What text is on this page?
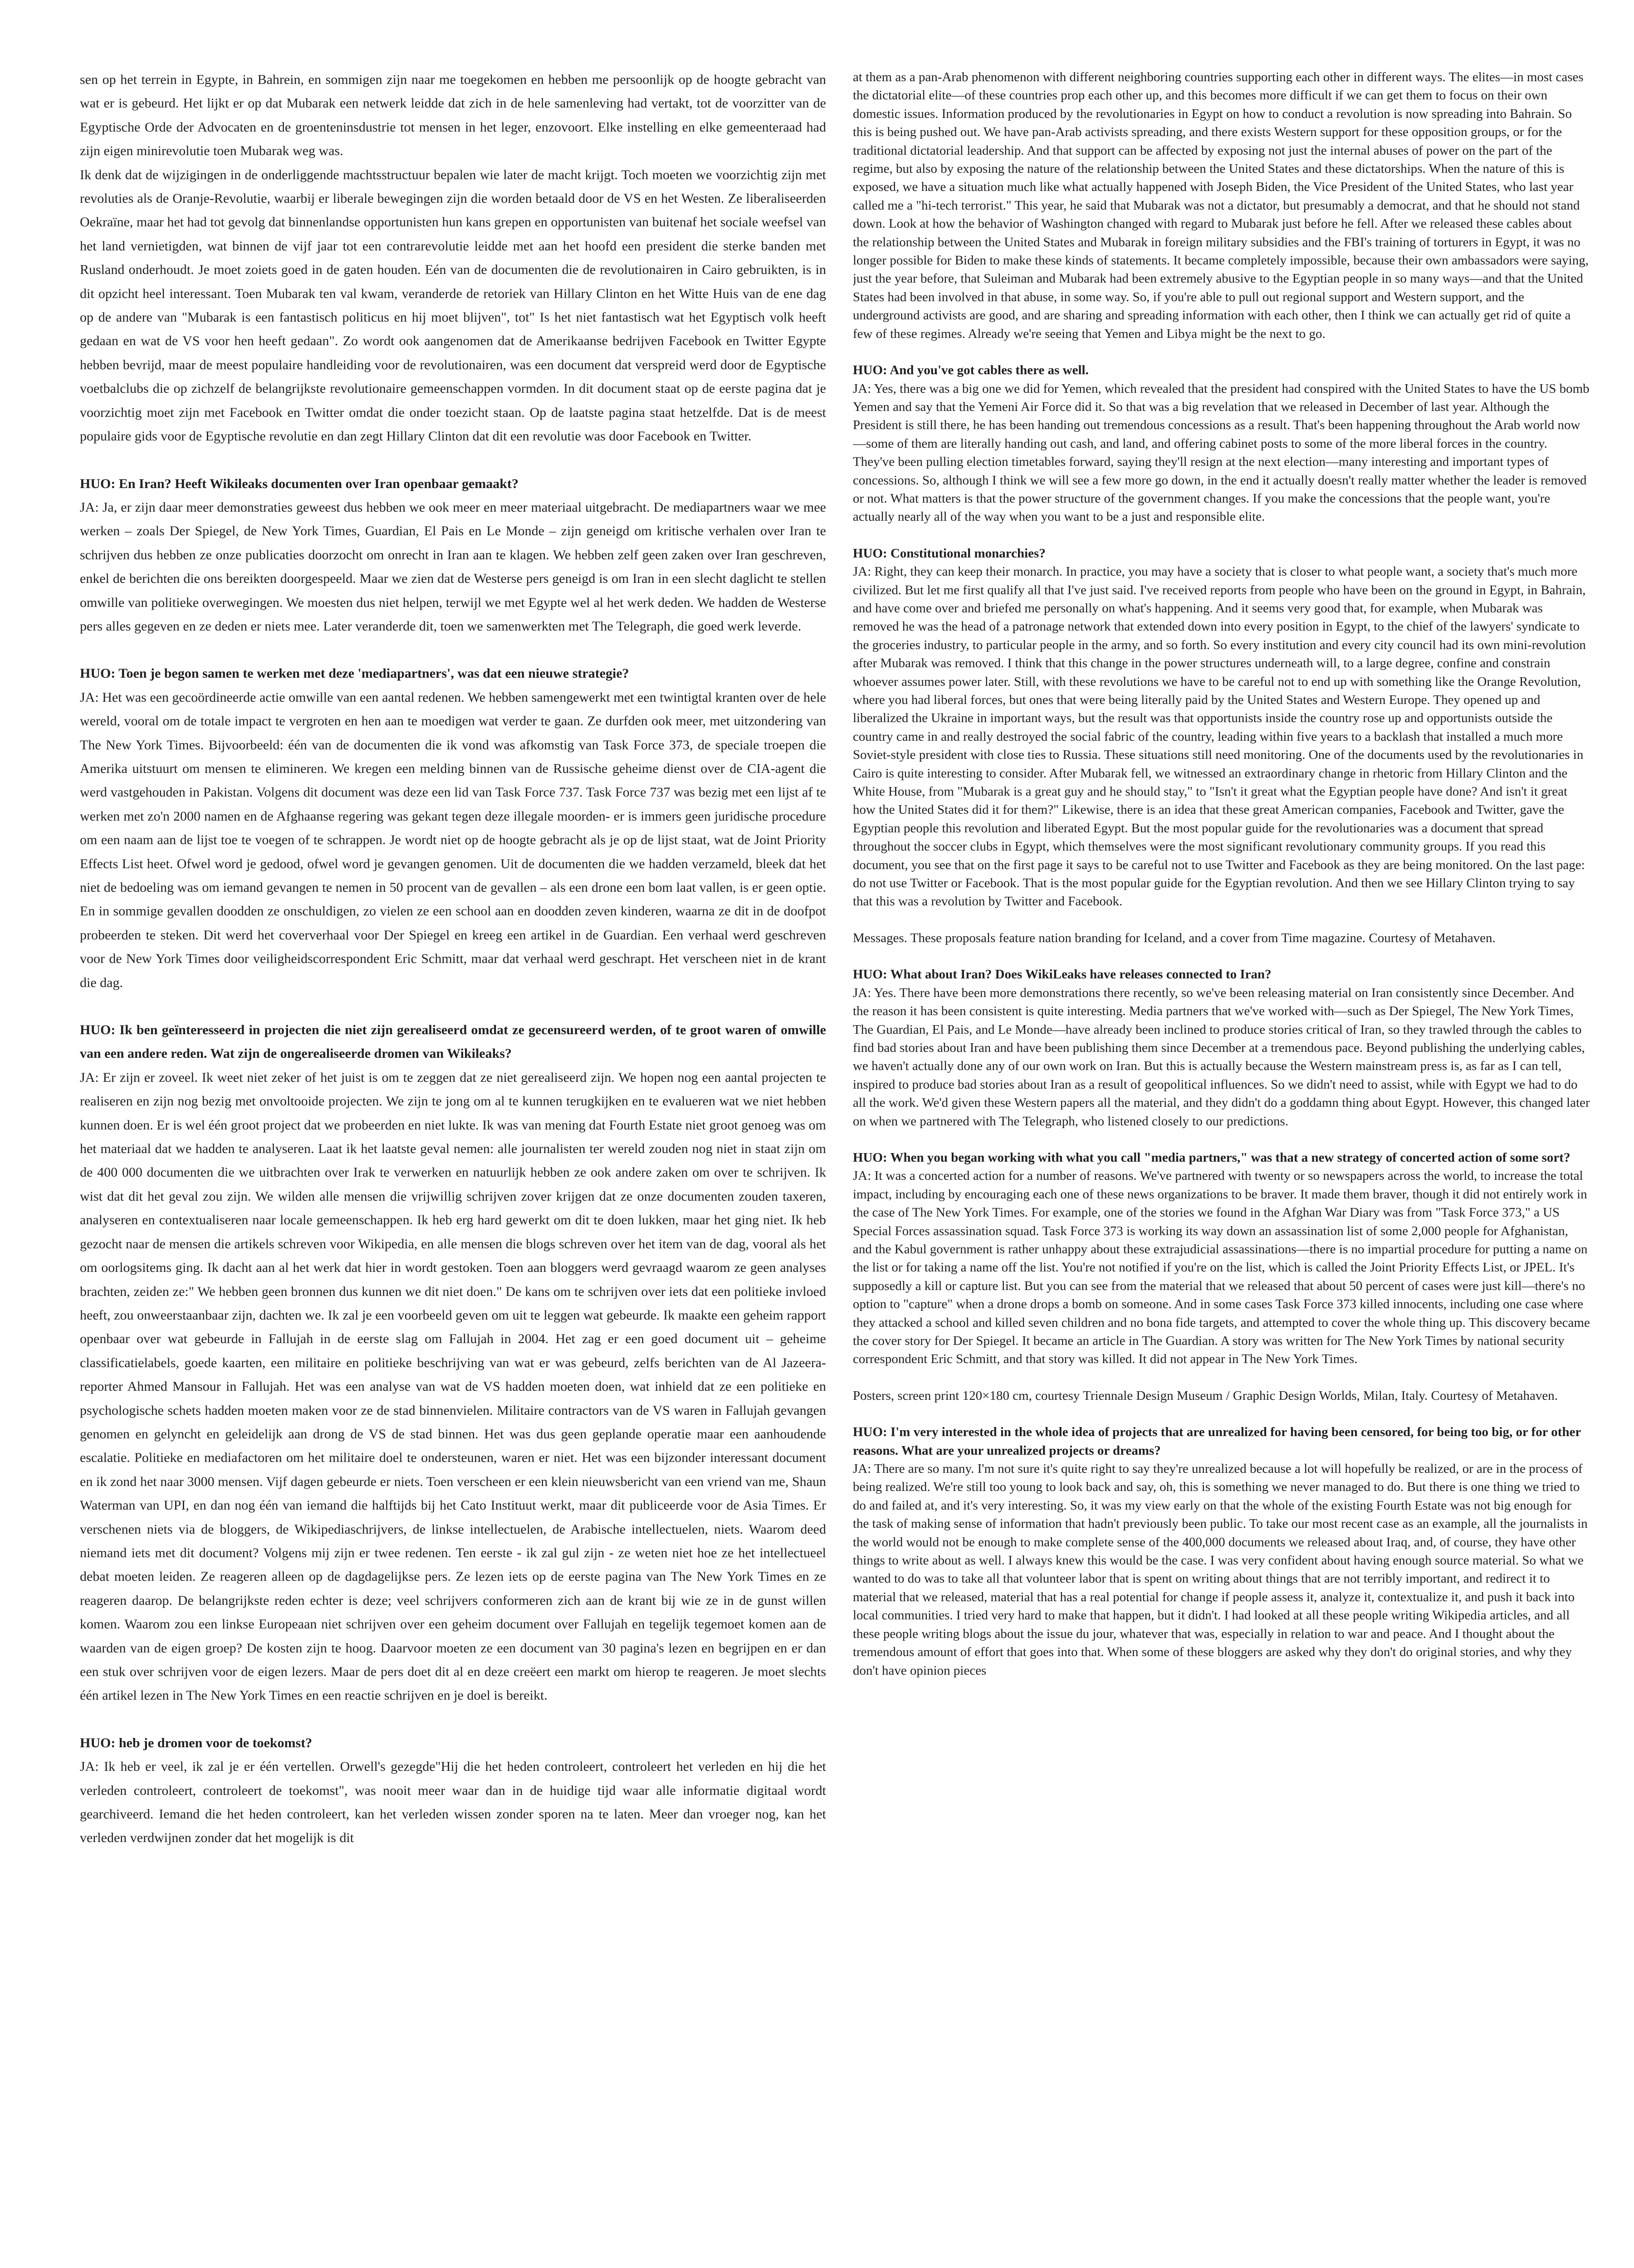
sen op het terrein in Egypte, in Bahrein, en sommigen zijn naar me toegekomen en hebben me persoonlijk op de hoogte gebracht van wat er is gebeurd. Het lijkt er op dat Mubarak een netwerk leidde dat zich in de hele samenleving had vertakt, tot de voorzitter van de Egyptische Orde der Advocaten en de groenteninsdustrie tot mensen in het leger, enzovoort. Elke instelling en elke gemeenteraad had zijn eigen minirevolutie toen Mubarak weg was.

Ik denk dat de wijzigingen in de onderliggende machtsstructuur bepalen wie later de macht krijgt. Toch moeten we voorzichtig zijn met revoluties als de Oranje-Revolutie, waarbij er liberale bewegingen zijn die worden betaald door de VS en het Westen. Ze liberaliseerden Oekraïne, maar het had tot gevolg dat binnenlandse opportunisten hun kans grepen en opportunisten van buitenaf het sociale weefsel van het land vernietigden, wat binnen de vijf jaar tot een contrarevolutie leidde met aan het hoofd een president die sterke banden met Rusland onderhoudt. Je moet zoiets goed in de gaten houden. Eén van de documenten die de revolutionairen in Cairo gebruikten, is in dit opzicht heel interessant. Toen Mubarak ten val kwam, veranderde de retoriek van Hillary Clinton en het Witte Huis van de ene dag op de andere van "Mubarak is een fantastisch politicus en hij moet blijven", tot" Is het niet fantastisch wat het Egyptisch volk heeft gedaan en wat de VS voor hen heeft gedaan". Zo wordt ook aangenomen dat de Amerikaanse bedrijven Facebook en Twitter Egypte hebben bevrijd, maar de meest populaire handleiding voor de revolutionairen, was een document dat verspreid werd door de Egyptische voetbalclubs die op zichzelf de belangrijkste revolutionaire gemeenschappen vormden. In dit document staat op de eerste pagina dat je voorzichtig moet zijn met Facebook en Twitter omdat die onder toezicht staan. Op de laatste pagina staat hetzelfde. Dat is de meest populaire gids voor de Egyptische revolutie en dan zegt Hillary Clinton dat dit een revolutie was door Facebook en Twitter.

HUO: En Iran? Heeft Wikileaks documenten over Iran openbaar gemaakt?

JA: Ja, er zijn daar meer demonstraties geweest dus hebben we ook meer en meer materiaal uitgebracht. De mediapartners waar we mee werken – zoals Der Spiegel, de New York Times, Guardian, El Pais en Le Monde – zijn geneigd om kritische verhalen over Iran te schrijven dus hebben ze onze publicaties doorzocht om onrecht in Iran aan te klagen. We hebben zelf geen zaken over Iran geschreven, enkel de berichten die ons bereikten doorgespeeld. Maar we zien dat de Westerse pers geneigd is om Iran in een slecht daglicht te stellen omwille van politieke overwegingen. We moesten dus niet helpen, terwijl we met Egypte wel al het werk deden. We hadden de Westerse pers alles gegeven en ze deden er niets mee. Later veranderde dit, toen we samenwerkten met The Telegraph, die goed werk leverde.

HUO: Toen je begon samen te werken met deze 'mediapartners', was dat een nieuwe strategie?

JA: Het was een gecoördineerde actie omwille van een aantal redenen. We hebben samengewerkt met een twintigtal kranten over de hele wereld, vooral om de totale impact te vergroten en hen aan te moedigen wat verder te gaan. Ze durfden ook meer, met uitzondering van The New York Times. Bijvoorbeeld: één van de documenten die ik vond was afkomstig van Task Force 373, de speciale troepen die Amerika uitstuurt om mensen te elimineren. We kregen een melding binnen van de Russische geheime dienst over de CIA-agent die werd vastgehouden in Pakistan. Volgens dit document was deze een lid van Task Force 737. Task Force 737 was bezig met een lijst af te werken met zo'n 2000 namen en de Afghaanse regering was gekant tegen deze illegale moorden- er is immers geen juridische procedure om een naam aan de lijst toe te voegen of te schrappen. Je wordt niet op de hoogte gebracht als je op de lijst staat, wat de Joint Priority Effects List heet. Ofwel word je gedood, ofwel word je gevangen genomen. Uit de documenten die we hadden verzameld, bleek dat het niet de bedoeling was om iemand gevangen te nemen in 50 procent van de gevallen – als een drone een bom laat vallen, is er geen optie. En in sommige gevallen doodden ze onschuldigen, zo vielen ze een school aan en doodden zeven kinderen, waarna ze dit in de doofpot probeerden te steken. Dit werd het coververhaal voor Der Spiegel en kreeg een artikel in de Guardian. Een verhaal werd geschreven voor de New York Times door veiligheidscorrespondent Eric Schmitt, maar dat verhaal werd geschrapt. Het verscheen niet in de krant die dag.

HUO: Ik ben geïnteresseerd in projecten die niet zijn gerealiseerd omdat ze gecensureerd werden, of te groot waren of omwille van een andere reden. Wat zijn de ongerealiseerde dromen van Wikileaks?

JA: Er zijn er zoveel. Ik weet niet zeker of het juist is om te zeggen dat ze niet gerealiseerd zijn. We hopen nog een aantal projecten te realiseren en zijn nog bezig met onvoltooide projecten. We zijn te jong om al te kunnen terugkijken en te evalueren wat we niet hebben kunnen doen. Er is wel één groot project dat we probeerden en niet lukte. Ik was van mening dat Fourth Estate niet groot genoeg was om het materiaal dat we hadden te analyseren. Laat ik het laatste geval nemen: alle journalisten ter wereld zouden nog niet in staat zijn om de 400 000 documenten die we uitbrachten over Irak te verwerken en natuurlijk hebben ze ook andere zaken om over te schrijven. Ik wist dat dit het geval zou zijn. We wilden alle mensen die vrijwillig schrijven zover krijgen dat ze onze documenten zouden taxeren, analyseren en contextualiseren naar locale gemeenschappen. Ik heb erg hard gewerkt om dit te doen lukken, maar het ging niet. Ik heb gezocht naar de mensen die artikels schreven voor Wikipedia, en alle mensen die blogs schreven over het item van de dag, vooral als het om oorlogsitems ging. Ik dacht aan al het werk dat hier in wordt gestoken. Toen aan bloggers werd gevraagd waarom ze geen analyses brachten, zeiden ze:" We hebben geen bronnen dus kunnen we dit niet doen." De kans om te schrijven over iets dat een politieke invloed heeft, zou onweerstaanbaar zijn, dachten we. Ik zal je een voorbeeld geven om uit te leggen wat gebeurde. Ik maakte een geheim rapport openbaar over wat gebeurde in Fallujah in de eerste slag om Fallujah in 2004. Het zag er een goed document uit – geheime classificatielabels, goede kaarten, een militaire en politieke beschrijving van wat er was gebeurd, zelfs berichten van de Al Jazeera-reporter Ahmed Mansour in Fallujah. Het was een analyse van wat de VS hadden moeten doen, wat inhield dat ze een politieke en psychologische schets hadden moeten maken voor ze de stad binnenvielen. Militaire contractors van de VS waren in Fallujah gevangen genomen en gelyncht en geleidelijk aan drong de VS de stad binnen. Het was dus geen geplande operatie maar een aanhoudende escalatie. Politieke en mediafactoren om het militaire doel te ondersteunen, waren er niet. Het was een bijzonder interessant document en ik zond het naar 3000 mensen. Vijf dagen gebeurde er niets. Toen verscheen er een klein nieuwsbericht van een vriend van me, Shaun Waterman van UPI, en dan nog één van iemand die halftijds bij het Cato Instituut werkt, maar dit publiceerde voor de Asia Times. Er verschenen niets via de bloggers, de Wikipediaschrijvers, de linkse intellectuelen, de Arabische intellectuelen, niets. Waarom deed niemand iets met dit document? Volgens mij zijn er twee redenen. Ten eerste - ik zal gul zijn - ze weten niet hoe ze het intellectueel debat moeten leiden. Ze reageren alleen op de dagdagelijkse pers. Ze lezen iets op de eerste pagina van The New York Times en ze reageren daarop. De belangrijkste reden echter is deze; veel schrijvers conformeren zich aan de krant bij wie ze in de gunst willen komen. Waarom zou een linkse Europeaan niet schrijven over een geheim document over Fallujah en tegelijk tegemoet komen aan de waarden van de eigen groep? De kosten zijn te hoog. Daarvoor moeten ze een document van 30 pagina's lezen en begrijpen en er dan een stuk over schrijven voor de eigen lezers. Maar de pers doet dit al en deze creëert een markt om hierop te reageren. Je moet slechts één artikel lezen in The New York Times en een reactie schrijven en je doel is bereikt.

HUO: heb je dromen voor de toekomst?

JA: Ik heb er veel, ik zal je er één vertellen. Orwell's gezegde"Hij die het heden controleert, controleert het verleden en hij die het verleden controleert, controleert de toekomst", was nooit meer waar dan in de huidige tijd waar alle informatie digitaal wordt gearchiveerd. Iemand die het heden controleert, kan het verleden wissen zonder sporen na te laten. Meer dan vroeger nog, kan het verleden verdwijnen zonder dat het mogelijk is dit

at them as a pan-Arab phenomenon with different neighboring countries supporting each other in different ways. The elites—in most cases the dictatorial elite—of these countries prop each other up, and this becomes more difficult if we can get them to focus on their own domestic issues. Information produced by the revolutionaries in Egypt on how to conduct a revolution is now spreading into Bahrain. So this is being pushed out. We have pan-Arab activists spreading, and there exists Western support for these opposition groups, or for the traditional dictatorial leadership. And that support can be affected by exposing not just the internal abuses of power on the part of the regime, but also by exposing the nature of the relationship between the United States and these dictatorships. When the nature of this is exposed, we have a situation much like what actually happened with Joseph Biden, the Vice President of the United States, who last year called me a "hi-tech terrorist." This year, he said that Mubarak was not a dictator, but presumably a democrat, and that he should not stand down. Look at how the behavior of Washington changed with regard to Mubarak just before he fell. After we released these cables about the relationship between the United States and Mubarak in foreign military subsidies and the FBI's training of torturers in Egypt, it was no longer possible for Biden to make these kinds of statements. It became completely impossible, because their own ambassadors were saying, just the year before, that Suleiman and Mubarak had been extremely abusive to the Egyptian people in so many ways—and that the United States had been involved in that abuse, in some way. So, if you're able to pull out regional support and Western support, and the underground activists are good, and are sharing and spreading information with each other, then I think we can actually get rid of quite a few of these regimes. Already we're seeing that Yemen and Libya might be the next to go.

HUO: And you've got cables there as well.

JA: Yes, there was a big one we did for Yemen, which revealed that the president had conspired with the United States to have the US bomb Yemen and say that the Yemeni Air Force did it. So that was a big revelation that we released in December of last year. Although the President is still there, he has been handing out tremendous concessions as a result. That's been happening throughout the Arab world now—some of them are literally handing out cash, and land, and offering cabinet posts to some of the more liberal forces in the country. They've been pulling election timetables forward, saying they'll resign at the next election—many interesting and important types of concessions. So, although I think we will see a few more go down, in the end it actually doesn't really matter whether the leader is removed or not. What matters is that the power structure of the government changes. If you make the concessions that the people want, you're actually nearly all of the way when you want to be a just and responsible elite.

HUO: Constitutional monarchies?

JA: Right, they can keep their monarch. In practice, you may have a society that is closer to what people want, a society that's much more civilized. But let me first qualify all that I've just said. I've received reports from people who have been on the ground in Egypt, in Bahrain, and have come over and briefed me personally on what's happening. And it seems very good that, for example, when Mubarak was removed he was the head of a patronage network that extended down into every position in Egypt, to the chief of the lawyers' syndicate to the groceries industry, to particular people in the army, and so forth. So every institution and every city council had its own mini-revolution after Mubarak was removed. I think that this change in the power structures underneath will, to a large degree, confine and constrain whoever assumes power later. Still, with these revolutions we have to be careful not to end up with something like the Orange Revolution, where you had liberal forces, but ones that were being literally paid by the United States and Western Europe. They opened up and liberalized the Ukraine in important ways, but the result was that opportunists inside the country rose up and opportunists outside the country came in and really destroyed the social fabric of the country, leading within five years to a backlash that installed a much more Soviet-style president with close ties to Russia. These situations still need monitoring. One of the documents used by the revolutionaries in Cairo is quite interesting to consider. After Mubarak fell, we witnessed an extraordinary change in rhetoric from Hillary Clinton and the White House, from "Mubarak is a great guy and he should stay," to "Isn't it great what the Egyptian people have done? And isn't it great how the United States did it for them?" Likewise, there is an idea that these great American companies, Facebook and Twitter, gave the Egyptian people this revolution and liberated Egypt. But the most popular guide for the revolutionaries was a document that spread throughout the soccer clubs in Egypt, which themselves were the most significant revolutionary community groups. If you read this document, you see that on the first page it says to be careful not to use Twitter and Facebook as they are being monitored. On the last page: do not use Twitter or Facebook. That is the most popular guide for the Egyptian revolution. And then we see Hillary Clinton trying to say that this was a revolution by Twitter and Facebook.

Messages. These proposals feature nation branding for Iceland, and a cover from Time magazine. Courtesy of Metahaven.

HUO: What about Iran? Does WikiLeaks have releases connected to Iran?

JA: Yes. There have been more demonstrations there recently, so we've been releasing material on Iran consistently since December. And the reason it has been consistent is quite interesting. Media partners that we've worked with—such as Der Spiegel, The New York Times, The Guardian, El Pais, and Le Monde—have already been inclined to produce stories critical of Iran, so they trawled through the cables to find bad stories about Iran and have been publishing them since December at a tremendous pace. Beyond publishing the underlying cables, we haven't actually done any of our own work on Iran. But this is actually because the Western mainstream press is, as far as I can tell, inspired to produce bad stories about Iran as a result of geopolitical influences. So we didn't need to assist, while with Egypt we had to do all the work. We'd given these Western papers all the material, and they didn't do a goddamn thing about Egypt. However, this changed later on when we partnered with The Telegraph, who listened closely to our predictions.

HUO: When you began working with what you call "media partners," was that a new strategy of concerted action of some sort?

JA: It was a concerted action for a number of reasons. We've partnered with twenty or so newspapers across the world, to increase the total impact, including by encouraging each one of these news organizations to be braver. It made them braver, though it did not entirely work in the case of The New York Times. For example, one of the stories we found in the Afghan War Diary was from "Task Force 373," a US Special Forces assassination squad. Task Force 373 is working its way down an assassination list of some 2,000 people for Afghanistan, and the Kabul government is rather unhappy about these extrajudicial assassinations—there is no impartial procedure for putting a name on the list or for taking a name off the list. You're not notified if you're on the list, which is called the Joint Priority Effects List, or JPEL. It's supposedly a kill or capture list. But you can see from the material that we released that about 50 percent of cases were just kill—there's no option to "capture" when a drone drops a bomb on someone. And in some cases Task Force 373 killed innocents, including one case where they attacked a school and killed seven children and no bona fide targets, and attempted to cover the whole thing up. This discovery became the cover story for Der Spiegel. It became an article in The Guardian. A story was written for The New York Times by national security correspondent Eric Schmitt, and that story was killed. It did not appear in The New York Times.

Posters, screen print 120×180 cm, courtesy Triennale Design Museum / Graphic Design Worlds, Milan, Italy. Courtesy of Metahaven.

HUO: I'm very interested in the whole idea of projects that are unrealized for having been censored, for being too big, or for other reasons. What are your unrealized projects or dreams?

JA: There are so many. I'm not sure it's quite right to say they're unrealized because a lot will hopefully be realized, or are in the process of being realized. We're still too young to look back and say, oh, this is something we never managed to do. But there is one thing we tried to do and failed at, and it's very interesting. So, it was my view early on that the whole of the existing Fourth Estate was not big enough for the task of making sense of information that hadn't previously been public. To take our most recent case as an example, all the journalists in the world would not be enough to make complete sense of the 400,000 documents we released about Iraq, and, of course, they have other things to write about as well. I always knew this would be the case. I was very confident about having enough source material. So what we wanted to do was to take all that volunteer labor that is spent on writing about things that are not terribly important, and redirect it to material that we released, material that has a real potential for change if people assess it, analyze it, contextualize it, and push it back into local communities. I tried very hard to make that happen, but it didn't. I had looked at all these people writing Wikipedia articles, and all these people writing blogs about the issue du jour, whatever that was, especially in relation to war and peace. And I thought about the tremendous amount of effort that goes into that. When some of these bloggers are asked why they don't do original stories, and why they don't have opinion pieces
